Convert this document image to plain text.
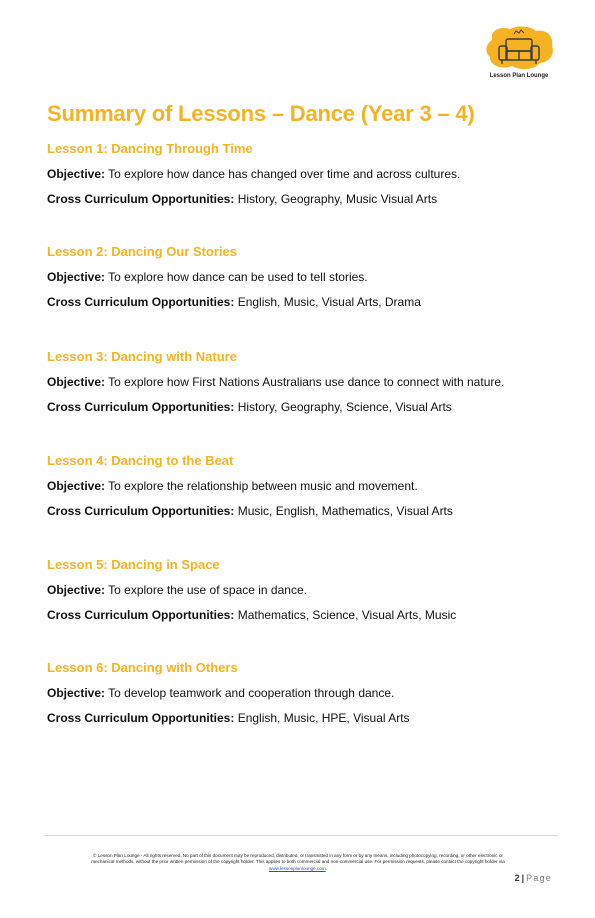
Lesson Plan Lounge
Summary of Lessons – Dance (Year 3 – 4)
Lesson 1: Dancing Through Time
Objective: To explore how dance has changed over time and across cultures.
Cross Curriculum Opportunities: History, Geography, Music Visual Arts
Lesson 2: Dancing Our Stories
Objective: To explore how dance can be used to tell stories.
Cross Curriculum Opportunities: English, Music, Visual Arts, Drama
Lesson 3: Dancing with Nature
Objective: To explore how First Nations Australians use dance to connect with nature.
Cross Curriculum Opportunities: History, Geography, Science, Visual Arts
Lesson 4: Dancing to the Beat
Objective: To explore the relationship between music and movement.
Cross Curriculum Opportunities: Music, English, Mathematics, Visual Arts
Lesson 5: Dancing in Space
Objective: To explore the use of space in dance.
Cross Curriculum Opportunities: Mathematics, Science, Visual Arts, Music
Lesson 6: Dancing with Others
Objective: To develop teamwork and cooperation through dance.
Cross Curriculum Opportunities: English, Music, HPE, Visual Arts
© Lesson Plan Lounge - All rights reserved. No part of this document may be reproduced, distributed, or transmitted in any form or by any means, including photocopying, recording, or other electronic or
mechanical methods, without the prior written permission of the copyright holder. This applies to both commercial and non-commercial use. For permission requests, please contact the copyright holder via
www.lessonplanlounge.com.
2 | Page
